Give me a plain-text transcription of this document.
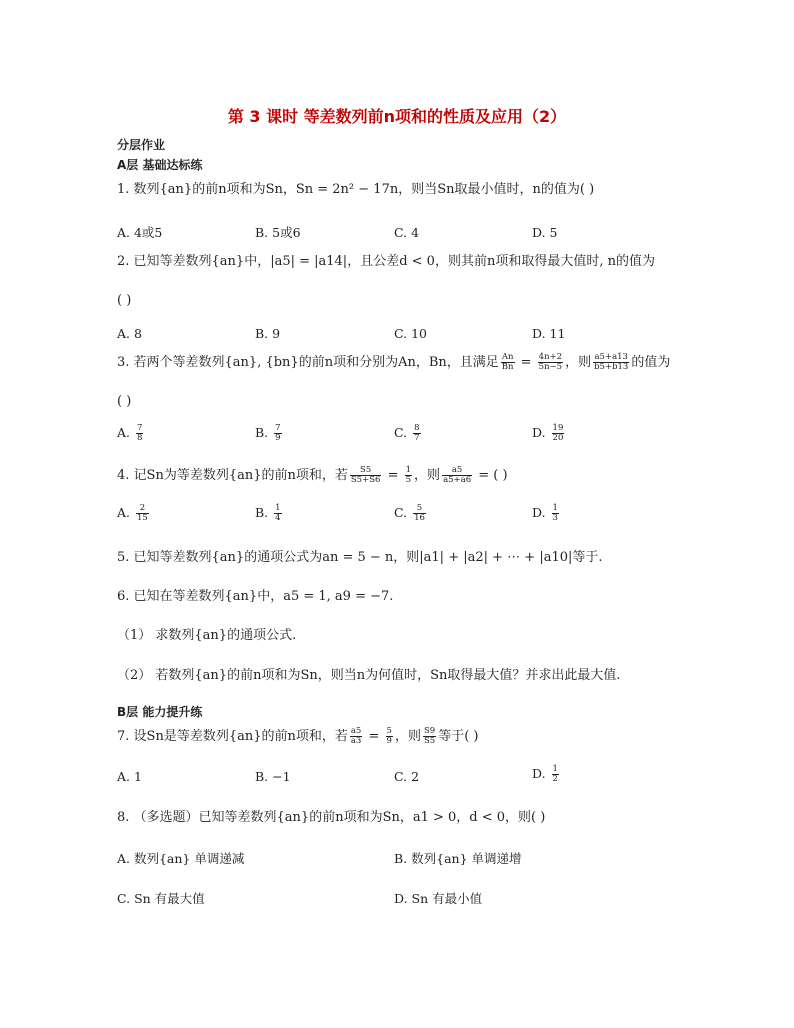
第 3 课时 等差数列前n项和的性质及应用（2）
分层作业
A层 基础达标练
1. 数列{an}的前n项和为Sn，Sn = 2n² − 17n，则当Sn取最小值时，n的值为( )
A. 4或5	B. 5或6	C. 4	D. 5
2. 已知等差数列{an}中，|a5| = |a14|，且公差d < 0，则其前n项和取得最大值时, n的值为
( )
A. 8	B. 9	C. 10	D. 11
3. 若两个等差数列{an}, {bn}的前n项和分别为An，Bn，且满足 $\frac{An}{Bn} = \frac{4n+2}{5n-5}$ ，则 $\frac{a5+a13}{b5+b13}$ 的值为
( )
A. $\frac{7}{8}$	B. $\frac{7}{9}$	C. $\frac{8}{7}$	D. $\frac{19}{20}$
4. 记Sn为等差数列{an}的前n项和，若 $\frac{S5}{S5+S6} = \frac{1}{5}$ ，则 $\frac{a5}{a5+a6}$ = ( )
A. $\frac{2}{15}$	B. $\frac{1}{4}$	C. $\frac{5}{16}$	D. $\frac{1}{3}$
5. 已知等差数列{an}的通项公式为an = 5 − n，则|a1| + |a2| + ⋯ + |a10|等于.
6. 已知在等差数列{an}中，a5 = 1, a9 = −7.
（1） 求数列{an}的通项公式.
（2） 若数列{an}的前n项和为Sn，则当n为何值时，Sn取得最大值？并求出此最大值.
B层 能力提升练
7. 设Sn是等差数列{an}的前n项和，若 $\frac{a5}{a3} = \frac{5}{9}$ ，则 $\frac{S9}{S5}$ 等于( )
A. 1	B. −1	C. 2	D. $\frac{1}{2}$
8. （多选题）已知等差数列{an}的前n项和为Sn，a1 > 0，d < 0，则( )
A. 数列{an} 单调递减	B. 数列{an} 单调递增
C. Sn 有最大值	D. Sn 有最小值
